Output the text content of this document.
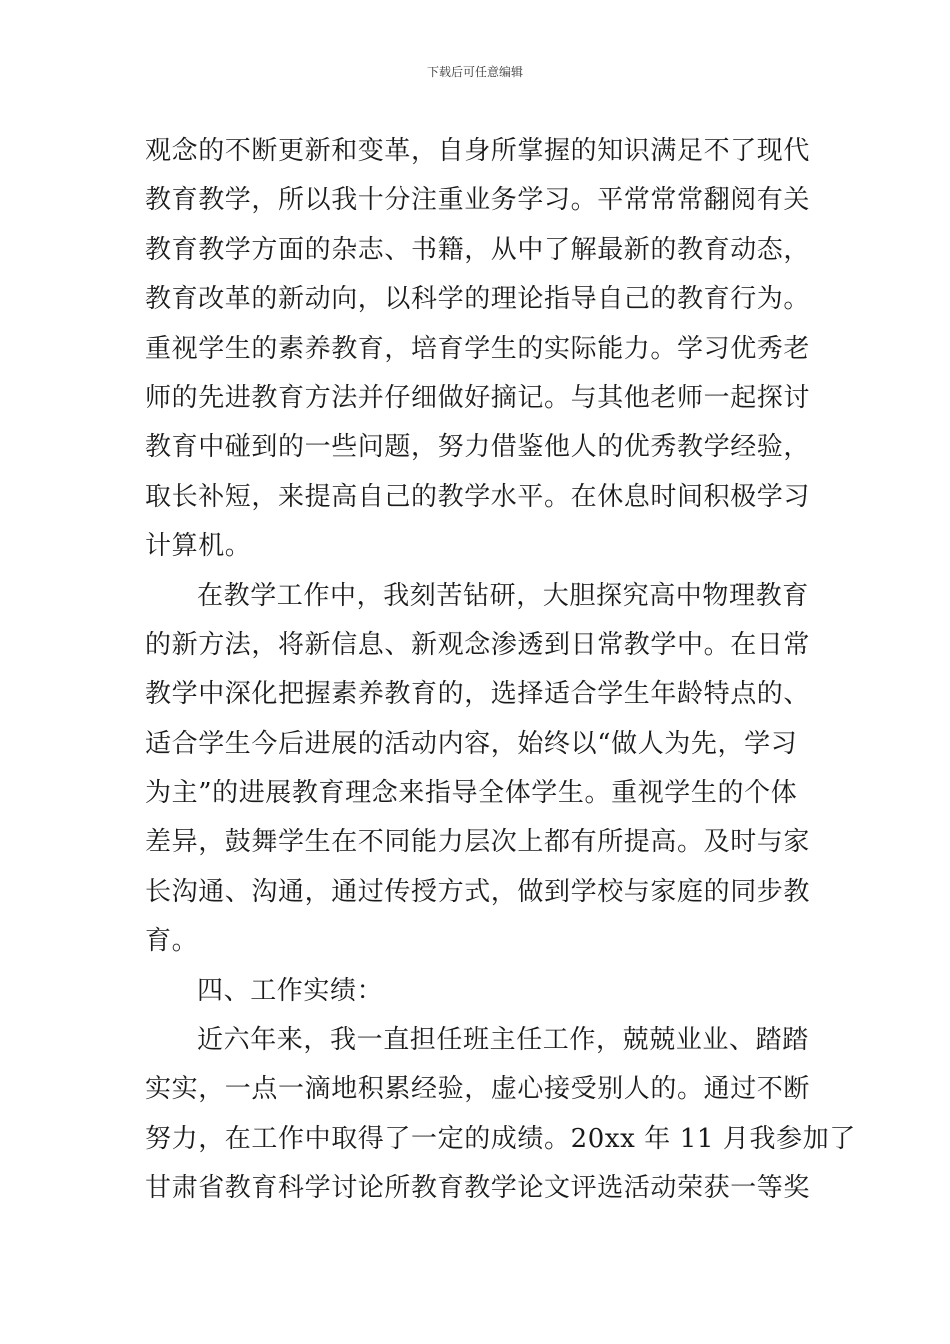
下载后可任意编辑
观念的不断更新和变革，自身所掌握的知识满足不了现代
教育教学，所以我十分注重业务学习。平常常常翻阅有关
教育教学方面的杂志、书籍，从中了解最新的教育动态，
教育改革的新动向，以科学的理论指导自己的教育行为。
重视学生的素养教育，培育学生的实际能力。学习优秀老
师的先进教育方法并仔细做好摘记。与其他老师一起探讨
教育中碰到的一些问题，努力借鉴他人的优秀教学经验，
取长补短，来提高自己的教学水平。在休息时间积极学习
计算机。
在教学工作中，我刻苦钻研，大胆探究高中物理教育
的新方法，将新信息、新观念渗透到日常教学中。在日常
教学中深化把握素养教育的，选择适合学生年龄特点的、
适合学生今后进展的活动内容，始终以“做人为先，学习
为主”的进展教育理念来指导全体学生。重视学生的个体
差异，鼓舞学生在不同能力层次上都有所提高。及时与家
长沟通、沟通，通过传授方式，做到学校与家庭的同步教
育。
四、工作实绩：
近六年来，我一直担任班主任工作，兢兢业业、踏踏
实实，一点一滴地积累经验，虚心接受别人的。通过不断
努力，在工作中取得了一定的成绩。20xx 年 11 月我参加了
甘肃省教育科学讨论所教育教学论文评选活动荣获一等奖
